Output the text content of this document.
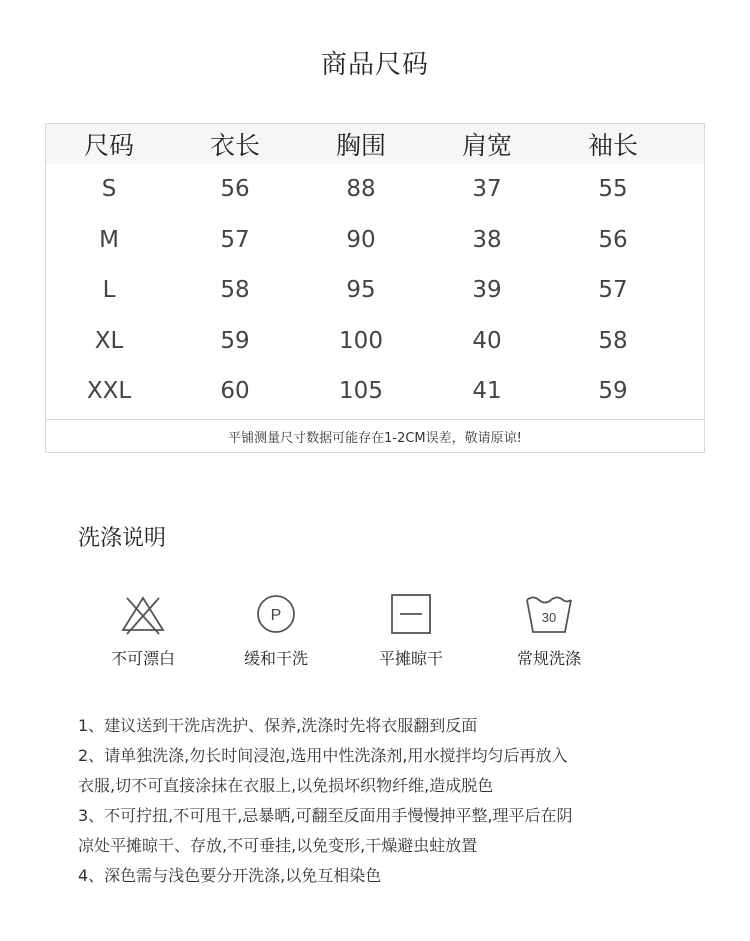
商品尺码
尺码	衣长	胸围	肩宽	袖长
S	56	88	37	55
M	57	90	38	56
L	58	95	39	57
XL	59	100	40	58
XXL	60	105	41	59
平铺测量尺寸数据可能存在1-2CM误差，敬请原谅!
洗涤说明
不可漂白
P
缓和干洗	平摊晾干
30
常规洗涤

1、建议送到干洗店洗护、保养,洗涤时先将衣服翻到反面

2、请单独洗涤,勿长时间浸泡,选用中性洗涤剂,用水搅拌均匀后再放入

衣服,切不可直接涂抹在衣服上,以免损坏织物纤维,造成脱色

3、不可拧扭,不可甩干,忌暴晒,可翻至反面用手慢慢抻平整,理平后在阴

凉处平摊晾干、存放,不可垂挂,以免变形,干燥避虫蛀放置

4、深色需与浅色要分开洗涤,以免互相染色
